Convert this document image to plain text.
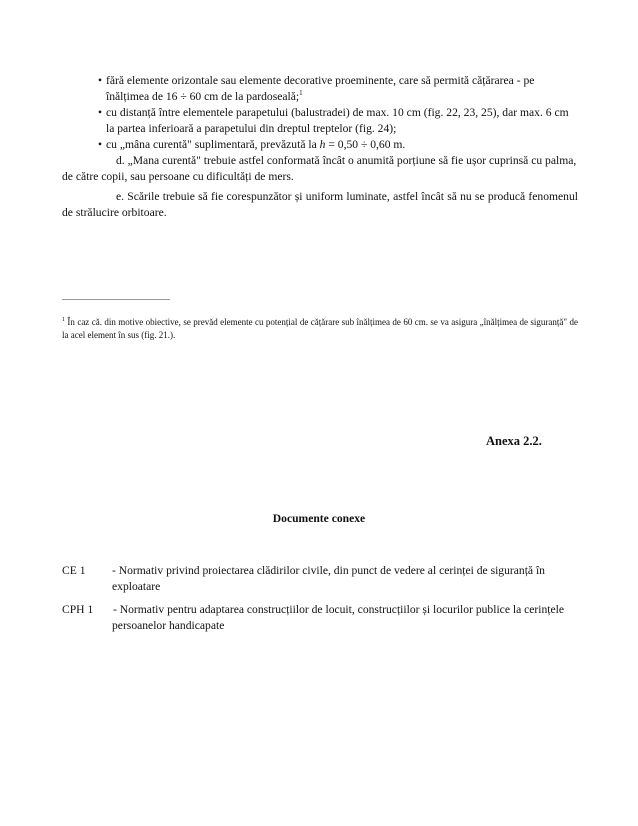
• fără elemente orizontale sau elemente decorative proeminente, care să permită cățărarea - pe
înălțimea de 16 ÷ 60 cm de la pardoseală;$^1$
• cu distanță între elementele parapetului (balustradei) de max. 10 cm (fig. 22, 23, 25), dar max. 6 cm
la partea inferioară a parapetului din dreptul treptelor (fig. 24);
• cu „mâna curentă" suplimentară, prevăzută la h = 0,50 ÷ 0,60 m.

d. „Mana curentă" trebuie astfel conformată încât o anumită porțiune să fie ușor cuprinsă cu palma, de către copii, sau persoane cu dificultăți de mers.

e. Scările trebuie să fie corespunzător și uniform luminate, astfel încât să nu se producă fenomenul de strălucire orbitoare.

$^1$ În caz că. din motive obiective, se prevăd elemente cu potențial de cățărare sub înălțimea de 60 cm. se va asigura „înălțimea de siguranță" de la acel element în sus (fig. 21.).
Anexa 2.2.
Documente conexe
CE 1 - Normativ privind proiectarea clădirilor civile, din punct de vedere al cerinței de siguranță în
exploatare
CPH 1 - Normativ pentru adaptarea construcțiilor de locuit, construcțiilor și locurilor publice la cerințele
persoanelor handicapate
